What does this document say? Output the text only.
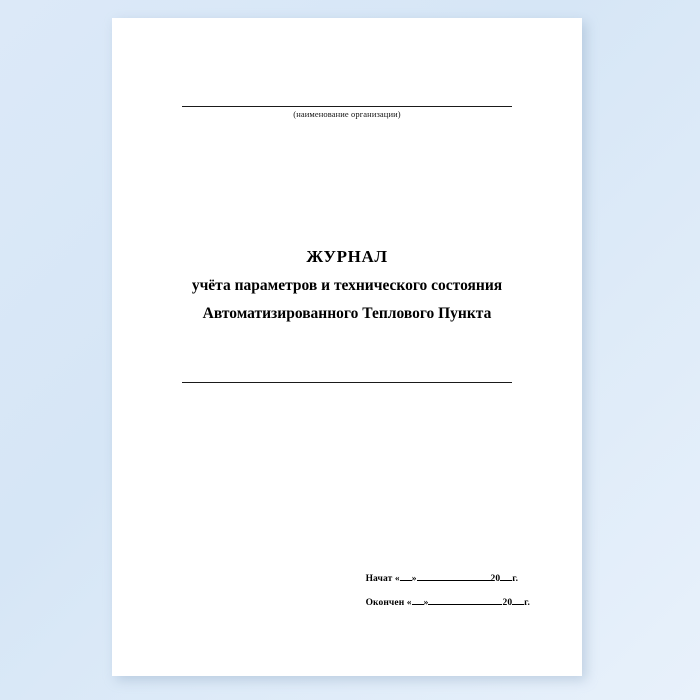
(наименование организации)
ЖУРНАЛ
учёта параметров и технического состояния
Автоматизированного Теплового Пункта
Начат « »	20 г.
Окончен « »	20 г.
